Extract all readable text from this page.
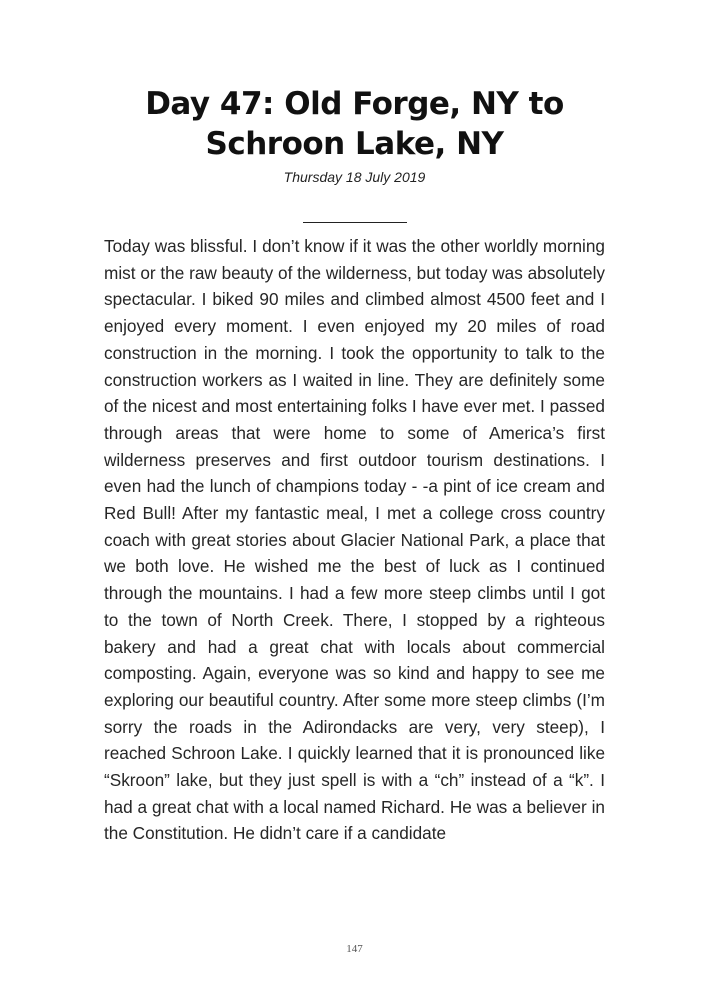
Day 47: Old Forge, NY to Schroon Lake, NY
Thursday 18 July 2019

Today was blissful. I don’t know if it was the other worldly morning mist or the raw beauty of the wilderness, but today was absolutely spectacular. I biked 90 miles and climbed almost 4500 feet and I enjoyed every moment. I even enjoyed my 20 miles of road construction in the morning. I took the opportunity to talk to the construction workers as I waited in line. They are definitely some of the nicest and most entertaining folks I have ever met. I passed through areas that were home to some of America’s first wilderness preserves and first outdoor tourism destinations. I even had the lunch of champions today - -a pint of ice cream and Red Bull! After my fantastic meal, I met a college cross country coach with great stories about Glacier National Park, a place that we both love. He wished me the best of luck as I continued through the mountains. I had a few more steep climbs until I got to the town of North Creek. There, I stopped by a righteous bakery and had a great chat with locals about commercial composting. Again, everyone was so kind and happy to see me exploring our beautiful country. After some more steep climbs (I’m sorry the roads in the Adirondacks are very, very steep), I reached Schroon Lake. I quickly learned that it is pronounced like “Skroon” lake, but they just spell is with a “ch” instead of a “k”. I had a great chat with a local named Richard. He was a believer in the Constitution. He didn’t care if a candidate

147
